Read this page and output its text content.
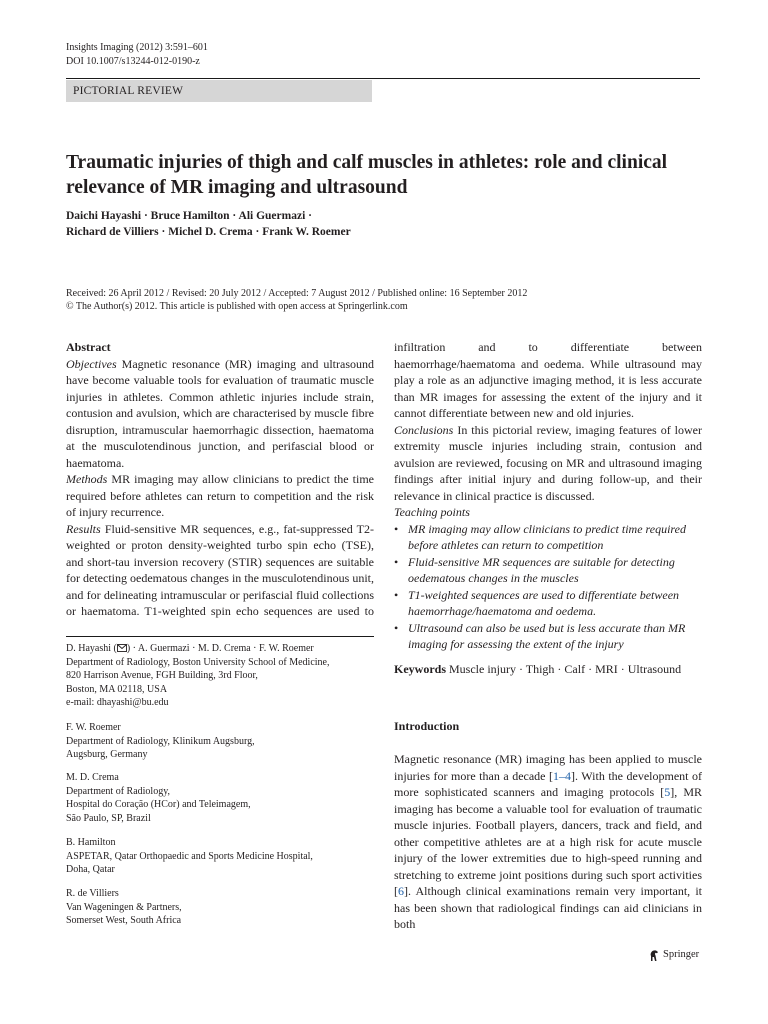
Insights Imaging (2012) 3:591–601
DOI 10.1007/s13244-012-0190-z
PICTORIAL REVIEW
Traumatic injuries of thigh and calf muscles in athletes: role and clinical relevance of MR imaging and ultrasound
Daichi Hayashi · Bruce Hamilton · Ali Guermazi ·
Richard de Villiers · Michel D. Crema · Frank W. Roemer
Received: 26 April 2012 / Revised: 20 July 2012 / Accepted: 7 August 2012 / Published online: 16 September 2012
© The Author(s) 2012. This article is published with open access at Springerlink.com

Abstract

Objectives Magnetic resonance (MR) imaging and ultrasound have become valuable tools for evaluation of traumatic muscle injuries in athletes. Common athletic injuries include strain, contusion and avulsion, which are characterised by muscle fibre disruption, intramuscular haemorrhagic dissection, haematoma at the musculotendinous junction, and perifascial blood or haematoma.

Methods MR imaging may allow clinicians to predict the time required before athletes can return to competition and the risk of injury recurrence.

Results Fluid-sensitive MR sequences, e.g., fat-suppressed T2-weighted or proton density-weighted turbo spin echo (TSE), and short-tau inversion recovery (STIR) sequences are suitable for detecting oedematous changes in the musculotendinous unit, and for delineating intramuscular or perifascial fluid collections or haematoma. T1-weighted spin echo sequences are used to

infiltration and to differentiate between haemorrhage/haematoma and oedema. While ultrasound may play a role as an adjunctive imaging method, it is less accurate than MR images for assessing the extent of the injury and it cannot differentiate between new and old injuries.

Conclusions In this pictorial review, imaging features of lower extremity muscle injuries including strain, contusion and avulsion are reviewed, focusing on MR and ultrasound imaging findings after initial injury and during follow-up, and their relevance in clinical practice is discussed.

Teaching points

• MR imaging may allow clinicians to predict time required before athletes can return to competition
• Fluid-sensitive MR sequences are suitable for detecting oedematous changes in the muscles
• T1-weighted sequences are used to differentiate between haemorrhage/haematoma and oedema.
• Ultrasound can also be used but is less accurate than MR imaging for assessing the extent of the injury
Keywords Muscle injury · Thigh · Calf · MRI · Ultrasound
Introduction

Magnetic resonance (MR) imaging has been applied to muscle injuries for more than a decade [1–4]. With the development of more sophisticated scanners and imaging protocols [5], MR imaging has become a valuable tool for evaluation of traumatic muscle injuries. Football players, dancers, track and field, and other competitive athletes are at a high risk for acute muscle injury of the lower extremities due to high-speed running and stretching to extreme joint positions during such sport activities [6]. Although clinical examinations remain very important, it has been shown that radiological findings can aid clinicians in both

D. Hayashi ( ) · A. Guermazi · M. D. Crema · F. W. Roemer

Department of Radiology, Boston University School of Medicine,

820 Harrison Avenue, FGH Building, 3rd Floor,

Boston, MA 02118, USA

e-mail: dhayashi@bu.edu

F. W. Roemer

Department of Radiology, Klinikum Augsburg,

Augsburg, Germany

M. D. Crema

Department of Radiology,

Hospital do Coração (HCor) and Teleimagem,

São Paulo, SP, Brazil

B. Hamilton

ASPETAR, Qatar Orthopaedic and Sports Medicine Hospital,

Doha, Qatar

R. de Villiers

Van Wageningen & Partners,

Somerset West, South Africa

Springer
